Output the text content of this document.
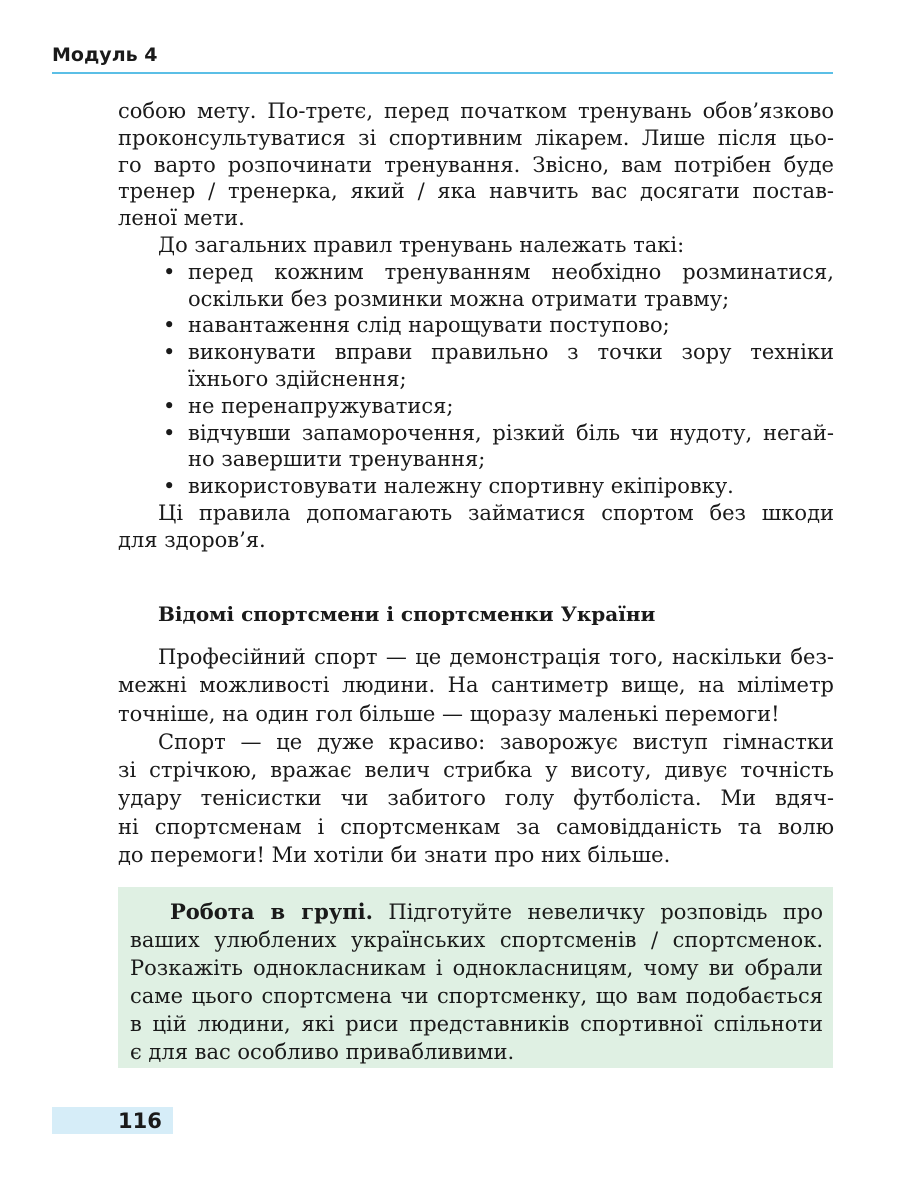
Модуль 4
собою мету. По-третє, перед початком тренувань обов’язково
проконсультуватися зі спортивним лікарем. Лише після цьо-
го варто розпочинати тренування. Звісно, вам потрібен буде
тренер / тренерка, який / яка навчить вас досягати постав-
леної мети.
До загальних правил тренувань належать такі:
• перед кожним тренуванням необхідно розминатися,
оскільки без розминки можна отримати травму;
• навантаження слід нарощувати поступово;
• виконувати вправи правильно з точки зору техніки
їхнього здійснення;
• не перенапружуватися;
• відчувши запаморочення, різкий біль чи нудоту, негай-
но завершити тренування;
• використовувати належну спортивну екіпіровку.
Ці правила допомагають займатися спортом без шкоди
для здоров’я.
Відомі спортсмени і спортсменки України
Професійний спорт — це демонстрація того, наскільки без-
межні можливості людини. На сантиметр вище, на міліметр
точніше, на один гол більше — щоразу маленькі перемоги!
Спорт — це дуже красиво: заворожує виступ гімнастки
зі стрічкою, вражає велич стрибка у висоту, дивує точність
удару тенісистки чи забитого голу футболіста. Ми вдяч-
ні спортсменам і спортсменкам за самовідданість та волю
до перемоги! Ми хотіли би знати про них більше.
Робота в групі. Підготуйте невеличку розповідь про
ваших улюблених українських спортсменів / спортсменок.
Розкажіть однокласникам і однокласницям, чому ви обрали
саме цього спортсмена чи спортсменку, що вам подобається
в цій людини, які риси представників спортивної спільноти
є для вас особливо привабливими.
116
